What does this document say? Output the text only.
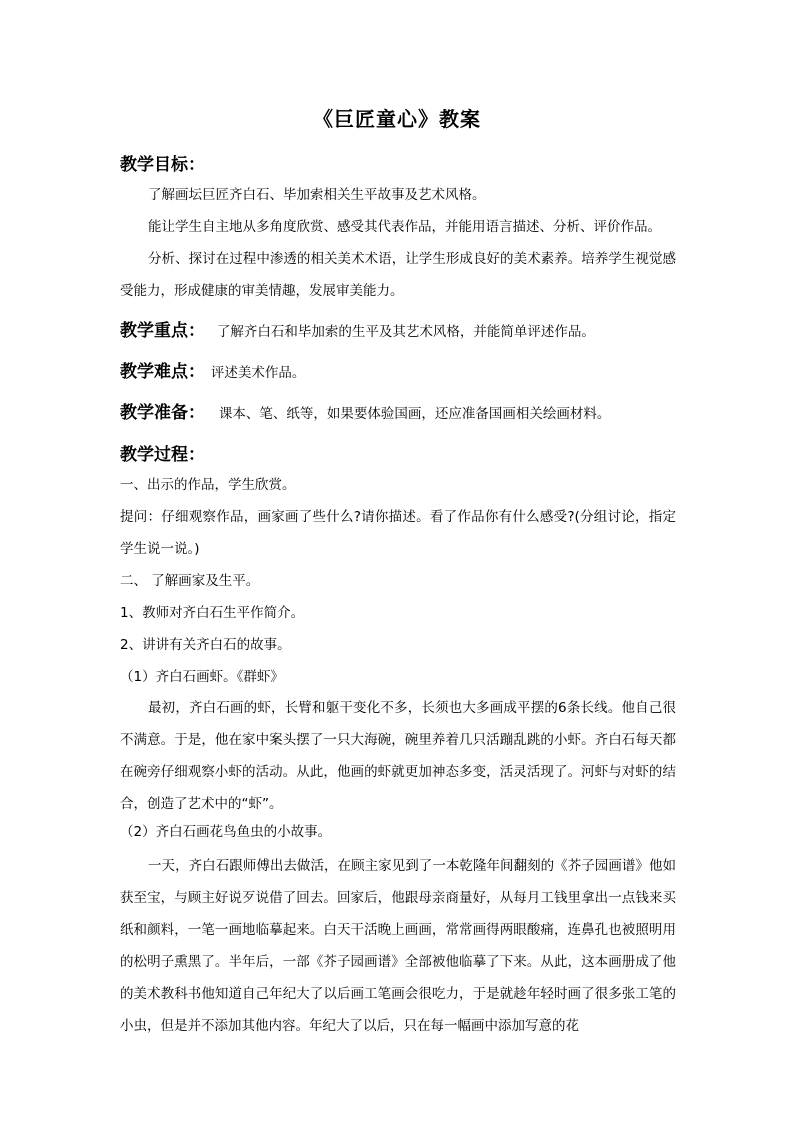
《巨匠童心》教案
教学目标：

了解画坛巨匠齐白石、毕加索相关生平故事及艺术风格。

能让学生自主地从多角度欣赏、感受其代表作品，并能用语言描述、分析、评价作品。

分析、探讨在过程中渗透的相关美术术语，让学生形成良好的美术素养。培养学生视觉感受能力，形成健康的审美情趣，发展审美能力。

教学重点： 了解齐白石和毕加索的生平及其艺术风格，并能简单评述作品。
教学难点： 评述美术作品。
教学准备： 课本、笔、纸等，如果要体验国画，还应准备国画相关绘画材料。
教学过程：

一、出示的作品，学生欣赏。

提问：仔细观察作品，画家画了些什么?请你描述。看了作品你有什么感受?(分组讨论，指定学生说一说。)

二、 了解画家及生平。

1、教师对齐白石生平作简介。

2、讲讲有关齐白石的故事。

（1）齐白石画虾。《群虾》

最初，齐白石画的虾，长臂和躯干变化不多，长须也大多画成平摆的6条长线。他自己很不满意。于是，他在家中案头摆了一只大海碗，碗里养着几只活蹦乱跳的小虾。齐白石每天都在碗旁仔细观察小虾的活动。从此，他画的虾就更加神态多变，活灵活现了。河虾与对虾的结合，创造了艺术中的“虾”。

（2）齐白石画花鸟鱼虫的小故事。

一天，齐白石跟师傅出去做活，在顾主家见到了一本乾隆年间翻刻的《芥子园画谱》他如获至宝，与顾主好说歹说借了回去。回家后，他跟母亲商量好，从每月工钱里拿出一点钱来买纸和颜料，一笔一画地临摹起来。白天干活晚上画画，常常画得两眼酸痛，连鼻孔也被照明用的松明子熏黑了。半年后，一部《芥子园画谱》全部被他临摹了下来。从此，这本画册成了他的美术教科书他知道自己年纪大了以后画工笔画会很吃力，于是就趁年轻时画了很多张工笔的小虫，但是并不添加其他内容。年纪大了以后，只在每一幅画中添加写意的花
